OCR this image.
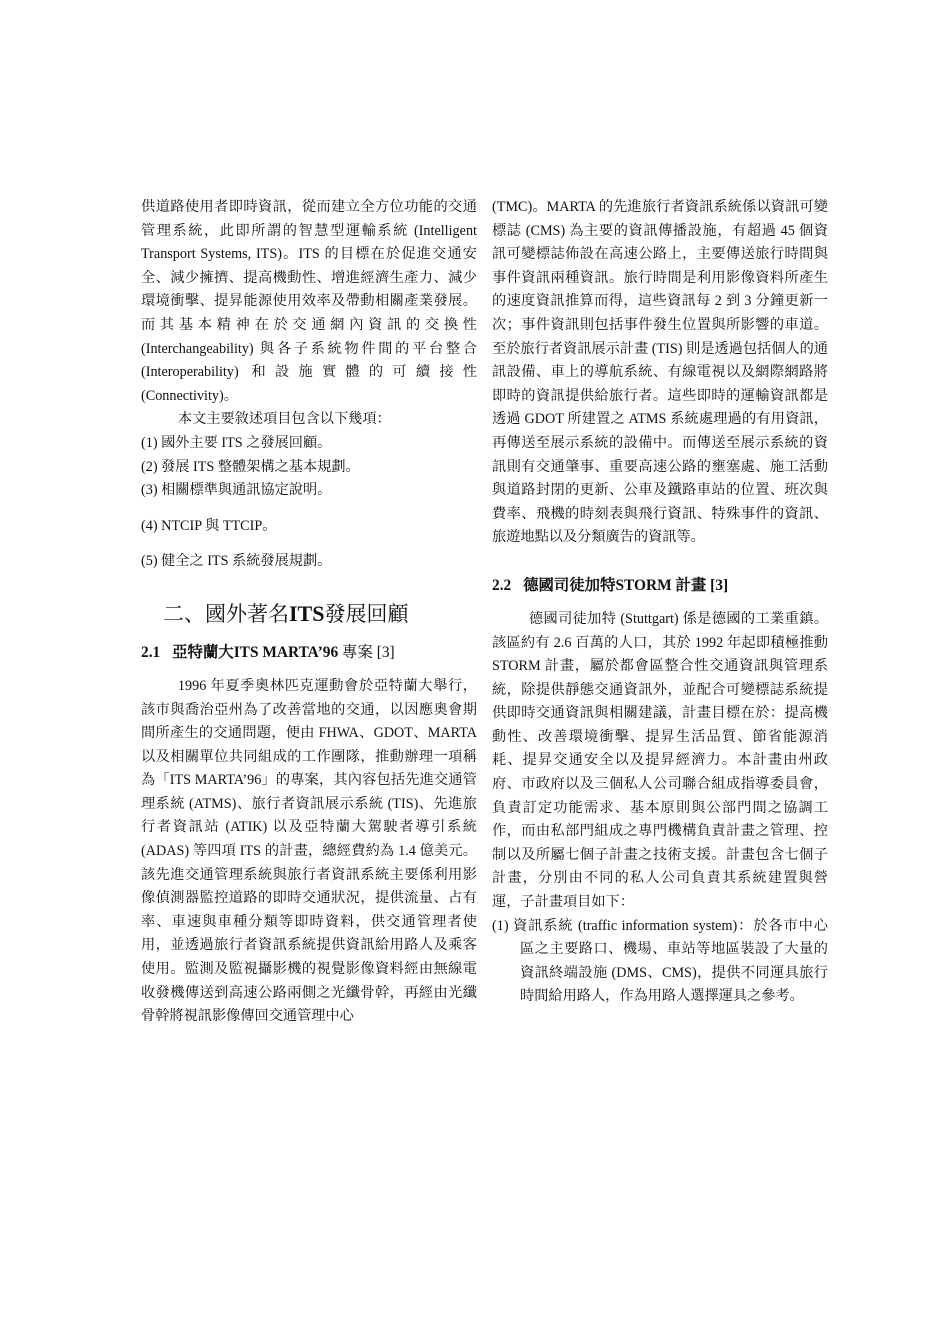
供道路使用者即時資訊，從而建立全方位功能的交通管理系統，此即所謂的智慧型運輸系統 (Intelligent Transport Systems, ITS)。ITS 的目標在於促進交通安全、減少擁擠、提高機動性、增進經濟生產力、減少環境衝擊、提昇能源使用效率及帶動相關產業發展。而其基本精神在於交通網內資訊的交換性 (Interchangeability) 與各子系統物件間的平台整合 (Interoperability) 和設施實體的可續接性 (Connectivity)。

本文主要敘述項目包含以下幾項：

(1) 國外主要 ITS 之發展回顧。

(2) 發展 ITS 整體架構之基本規劃。

(3) 相關標準與通訊協定說明。

(4) NTCIP 與 TTCIP。

(5) 健全之 ITS 系統發展規劃。

二、國外著名ITS發展回顧
2.1 亞特蘭大ITS MARTA’96 專案 [3]

1996 年夏季奧林匹克運動會於亞特蘭大舉行，該市與喬治亞州為了改善當地的交通，以因應奧會期間所產生的交通問題，便由 FHWA、GDOT、MARTA 以及相關單位共同組成的工作團隊，推動辦理一項稱為「ITS MARTA’96」的專案，其內容包括先進交通管理系統 (ATMS)、旅行者資訊展示系統 (TIS)、先進旅行者資訊站 (ATIK) 以及亞特蘭大駕駛者導引系統 (ADAS) 等四項 ITS 的計畫，總經費約為 1.4 億美元。該先進交通管理系統與旅行者資訊系統主要係利用影像偵測器監控道路的即時交通狀況，提供流量、占有率、車速與車種分類等即時資料，供交通管理者使用，並透過旅行者資訊系統提供資訊給用路人及乘客使用。監測及監視攝影機的視覺影像資料經由無線電收發機傳送到高速公路兩側之光纖骨幹，再經由光纖骨幹將視訊影像傳回交通管理中心

(TMC)。MARTA 的先進旅行者資訊系統係以資訊可變標誌 (CMS) 為主要的資訊傳播設施，有超過 45 個資訊可變標誌佈設在高速公路上，主要傳送旅行時間與事件資訊兩種資訊。旅行時間是利用影像資料所產生的速度資訊推算而得，這些資訊每 2 到 3 分鐘更新一次；事件資訊則包括事件發生位置與所影響的車道。至於旅行者資訊展示計畫 (TIS) 則是透過包括個人的通訊設備、車上的導航系統、有線電視以及網際網路將即時的資訊提供給旅行者。這些即時的運輸資訊都是透過 GDOT 所建置之 ATMS 系統處理過的有用資訊，再傳送至展示系統的設備中。而傳送至展示系統的資訊則有交通肇事、重要高速公路的壅塞處、施工活動與道路封閉的更新、公車及鐵路車站的位置、班次與費率、飛機的時刻表與飛行資訊、特殊事件的資訊、旅遊地點以及分類廣告的資訊等。

2.2 德國司徒加特STORM 計畫 [3]

德國司徒加特 (Stuttgart) 係是德國的工業重鎮。該區約有 2.6 百萬的人口，其於 1992 年起即積極推動 STORM 計畫，屬於都會區整合性交通資訊與管理系統，除提供靜態交通資訊外，並配合可變標誌系統提供即時交通資訊與相關建議，計畫目標在於：提高機動性、改善環境衝擊、提昇生活品質、節省能源消耗、提昇交通安全以及提昇經濟力。本計畫由州政府、市政府以及三個私人公司聯合組成指導委員會，負責訂定功能需求、基本原則與公部門間之協調工作，而由私部門組成之專門機構負責計畫之管理、控制以及所屬七個子計畫之技術支援。計畫包含七個子計畫，分別由不同的私人公司負責其系統建置與營運，子計畫項目如下：

(1) 資訊系統 (traffic information system)：於各市中心區之主要路口、機場、車站等地區裝設了大量的資訊終端設施 (DMS、CMS)，提供不同運具旅行時間給用路人，作為用路人選擇運具之參考。
